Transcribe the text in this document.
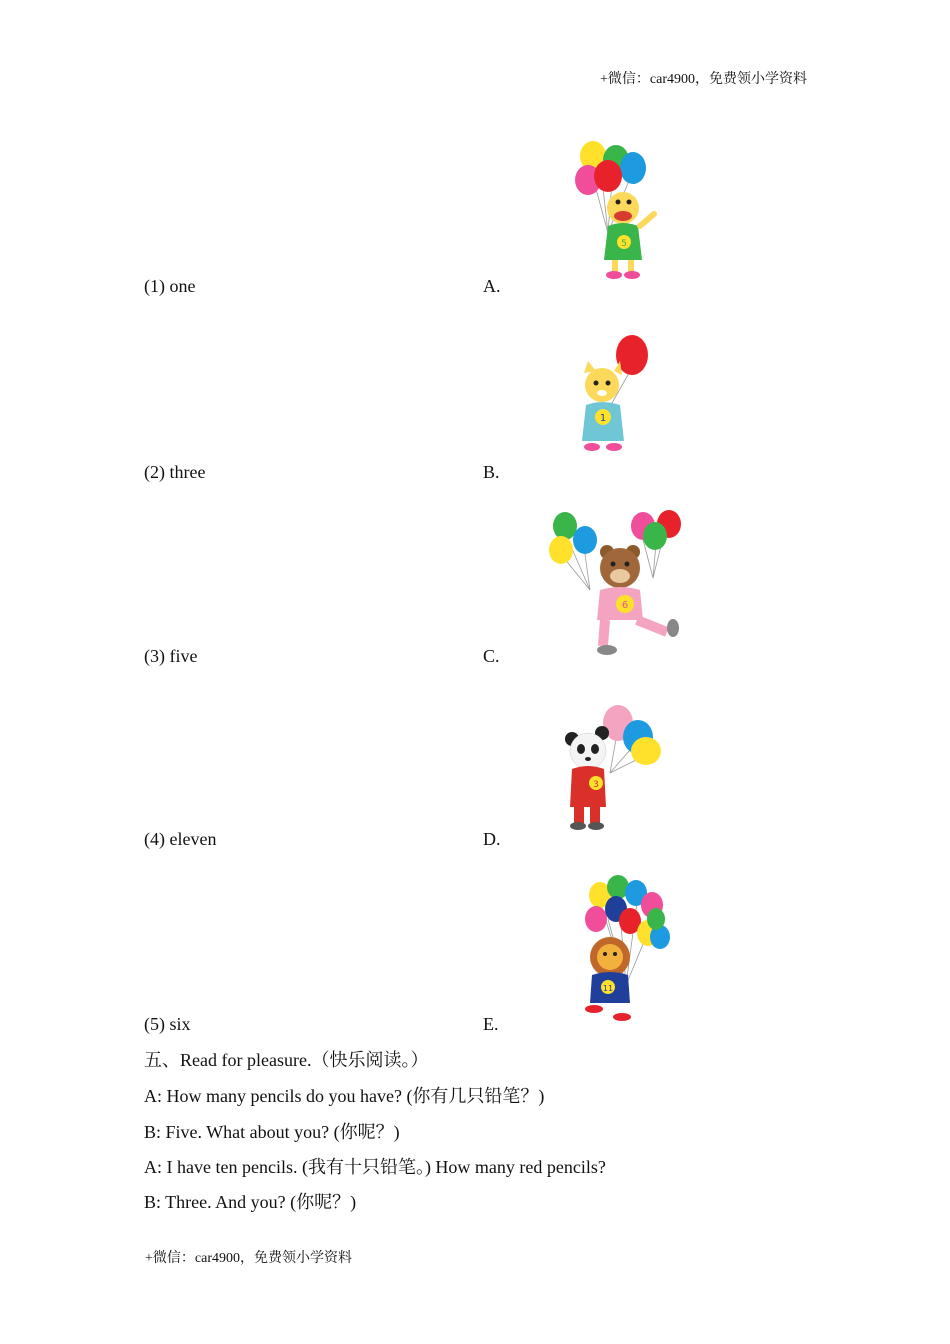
+微信：car4900，免费领小学资料
(1) one	A.
5
(2) three	B.
1
(3) five	C.
6
(4) eleven	D.
3
(5) six	E.
11
五、Read for pleasure.（快乐阅读。）
A: How many pencils do you have? (你有几只铅笔？)
B: Five. What about you? (你呢？)
A: I have ten pencils. (我有十只铅笔。) How many red pencils?
B: Three. And you? (你呢？)
+微信：car4900，免费领小学资料
